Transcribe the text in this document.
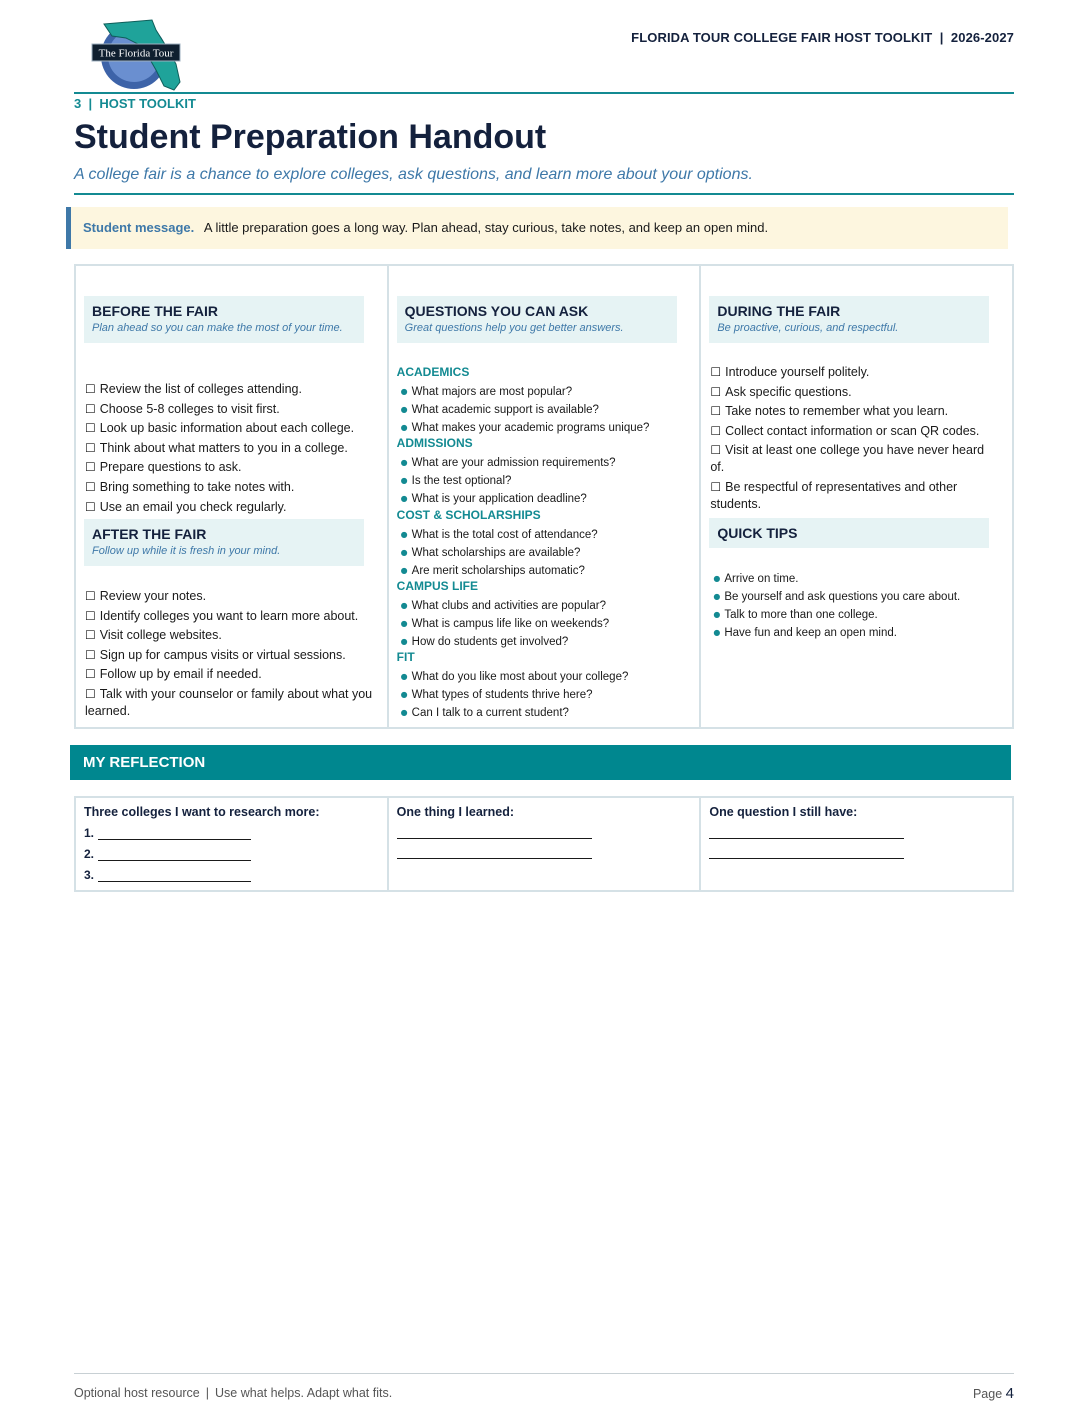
The Florida Tour
FLORIDA TOUR COLLEGE FAIR HOST TOOLKIT | 2026-2027
3 | HOST TOOLKIT
Student Preparation Handout
A college fair is a chance to explore colleges, ask questions, and learn more about your options.
Student message. A little preparation goes a long way. Plan ahead, stay curious, take notes, and keep an open mind.
BEFORE THE FAIR
Plan ahead so you can make the most of your time.
☐ Review the list of colleges attending.
☐ Choose 5-8 colleges to visit first.
☐ Look up basic information about each college.
☐ Think about what matters to you in a college.
☐ Prepare questions to ask.
☐ Bring something to take notes with.
☐ Use an email you check regularly.
AFTER THE FAIR
Follow up while it is fresh in your mind.
☐ Review your notes.
☐ Identify colleges you want to learn more about.
☐ Visit college websites.
☐ Sign up for campus visits or virtual sessions.
☐ Follow up by email if needed.
☐ Talk with your counselor or family about what you learned.
QUESTIONS YOU CAN ASK
Great questions help you get better answers.
ACADEMICS
● What majors are most popular?
● What academic support is available?
● What makes your academic programs unique?
ADMISSIONS
● What are your admission requirements?
● Is the test optional?
● What is your application deadline?
COST & SCHOLARSHIPS
● What is the total cost of attendance?
● What scholarships are available?
● Are merit scholarships automatic?
CAMPUS LIFE
● What clubs and activities are popular?
● What is campus life like on weekends?
● How do students get involved?
FIT
● What do you like most about your college?
● What types of students thrive here?
● Can I talk to a current student?
DURING THE FAIR
Be proactive, curious, and respectful.
☐ Introduce yourself politely.
☐ Ask specific questions.
☐ Take notes to remember what you learn.
☐ Collect contact information or scan QR codes.
☐ Visit at least one college you have never heard of.
☐ Be respectful of representatives and other students.
QUICK TIPS
● Arrive on time.
● Be yourself and ask questions you care about.
● Talk to more than one college.
● Have fun and keep an open mind.
MY REFLECTION
Three colleges I want to research more:
1.
2.
3.
One thing I learned:	One question I still have:
Optional host resource | Use what helps. Adapt what fits.	Page 4
